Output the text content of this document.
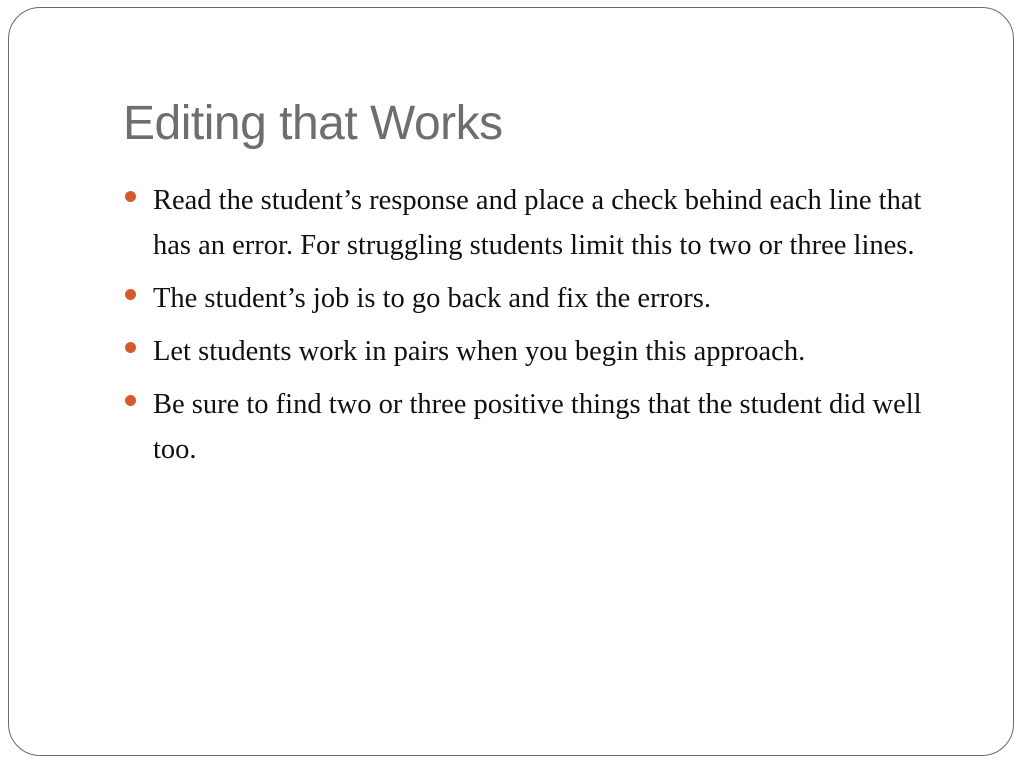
Editing that Works
Read the student’s response and place a check behind each line that has an error. For struggling students limit this to two or three lines.
The student’s job is to go back and fix the errors.
Let students work in pairs when you begin this approach.
Be sure to find two or three positive things that the student did well too.
